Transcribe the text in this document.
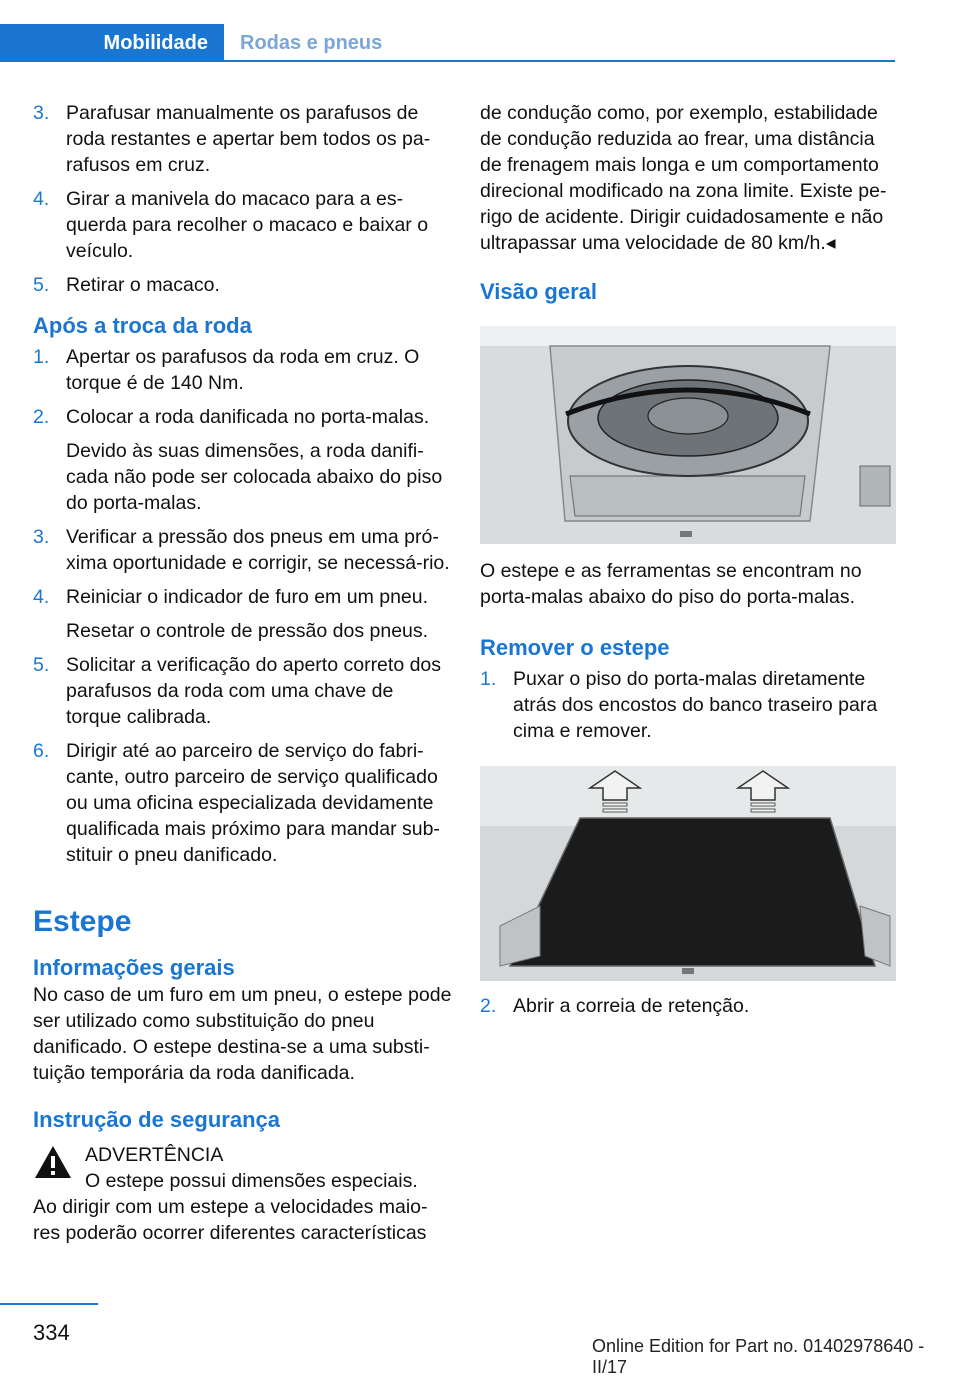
Mobilidade	Rodas e pneus
3. Parafusar manualmente os parafusos de roda restantes e apertar bem todos os pa-rafusos em cruz.
4. Girar a manivela do macaco para a es-querda para recolher o macaco e baixar o veículo.
5. Retirar o macaco.
Após a troca da roda
1. Apertar os parafusos da roda em cruz. O torque é de 140 Nm.
2. Colocar a roda danificada no porta-malas.
Devido às suas dimensões, a roda danifi-cada não pode ser colocada abaixo do piso do porta-malas.
3. Verificar a pressão dos pneus em uma pró-xima oportunidade e corrigir, se necessá-rio.
4. Reiniciar o indicador de furo em um pneu.
Resetar o controle de pressão dos pneus.
5. Solicitar a verificação do aperto correto dos parafusos da roda com uma chave de torque calibrada.
6. Dirigir até ao parceiro de serviço do fabri-cante, outro parceiro de serviço qualificado ou uma oficina especializada devidamente qualificada mais próximo para mandar sub-stituir o pneu danificado.
Estepe
Informações gerais
No caso de um furo em um pneu, o estepe pode ser utilizado como substituição do pneu danificado. O estepe destina-se a uma substi-tuição temporária da roda danificada.
Instrução de segurança
ADVERTÊNCIA
O estepe possui dimensões especiais.
Ao dirigir com um estepe a velocidades maio-res poderão ocorrer diferentes características
de condução como, por exemplo, estabilidade de condução reduzida ao frear, uma distância de frenagem mais longa e um comportamento direcional modificado na zona limite. Existe pe-rigo de acidente. Dirigir cuidadosamente e não ultrapassar uma velocidade de 80 km/h.◂
Visão geral
O estepe e as ferramentas se encontram no porta-malas abaixo do piso do porta-malas.
Remover o estepe
1. Puxar o piso do porta-malas diretamente atrás dos encostos do banco traseiro para cima e remover.
2. Abrir a correia de retenção.
334
Online Edition for Part no. 01402978640 - II/17
